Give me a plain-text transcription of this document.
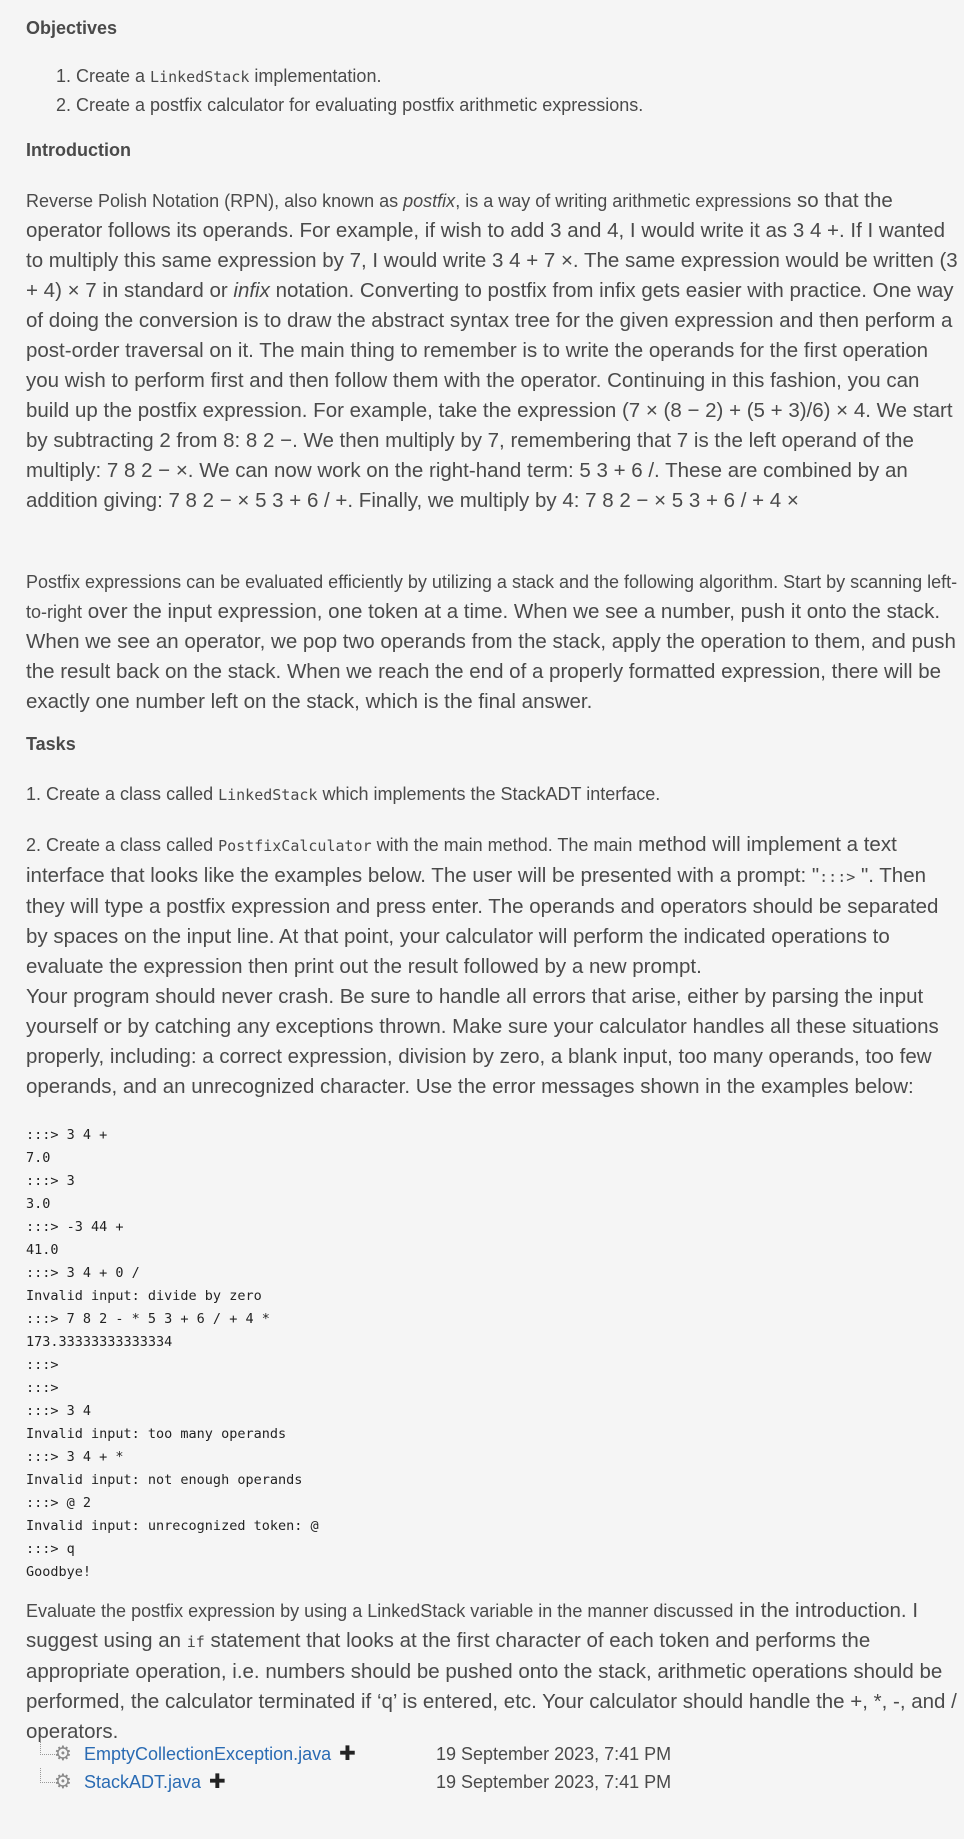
Objectives
1. Create a LinkedStack implementation.
2. Create a postfix calculator for evaluating postfix arithmetic expressions.
Introduction

Reverse Polish Notation (RPN), also known as postfix, is a way of writing arithmetic expressions so that the operator follows its operands. For example, if wish to add 3 and 4, I would write it as 3 4 +. If I wanted to multiply this same expression by 7, I would write 3 4 + 7 ×. The same expression would be written (3 + 4) × 7 in standard or infix notation. Converting to postfix from infix gets easier with practice. One way of doing the conversion is to draw the abstract syntax tree for the given expression and then perform a post-order traversal on it. The main thing to remember is to write the operands for the first operation you wish to perform first and then follow them with the operator. Continuing in this fashion, you can build up the postfix expression. For example, take the expression (7 × (8 − 2) + (5 + 3)/6) × 4. We start by subtracting 2 from 8: 8 2 −. We then multiply by 7, remembering that 7 is the left operand of the multiply: 7 8 2 − ×. We can now work on the right-hand term: 5 3 + 6 /. These are combined by an addition giving: 7 8 2 − × 5 3 + 6 / +. Finally, we multiply by 4: 7 8 2 − × 5 3 + 6 / + 4 ×

Postfix expressions can be evaluated efficiently by utilizing a stack and the following algorithm. Start by scanning left-to-right over the input expression, one token at a time. When we see a number, push it onto the stack. When we see an operator, we pop two operands from the stack, apply the operation to them, and push the result back on the stack. When we reach the end of a properly formatted expression, there will be exactly one number left on the stack, which is the final answer.

Tasks

1. Create a class called LinkedStack which implements the StackADT interface.

2. Create a class called PostfixCalculator with the main method. The main method will implement a text interface that looks like the examples below. The user will be presented with a prompt: ":::> ". Then they will type a postfix expression and press enter. The operands and operators should be separated by spaces on the input line. At that point, your calculator will perform the indicated operations to evaluate the expression then print out the result followed by a new prompt.
Your program should never crash. Be sure to handle all errors that arise, either by parsing the input yourself or by catching any exceptions thrown. Make sure your calculator handles all these situations properly, including: a correct expression, division by zero, a blank input, too many operands, too few operands, and an unrecognized character. Use the error messages shown in the examples below:

:::> 3 4 +
7.0
:::> 3
3.0
:::> -3 44 +
41.0
:::> 3 4 + 0 /
Invalid input: divide by zero
:::> 7 8 2 - * 5 3 + 6 / + 4 *
173.33333333333334
:::>
:::>
:::> 3 4
Invalid input: too many operands
:::> 3 4 + *
Invalid input: not enough operands
:::> @ 2
Invalid input: unrecognized token: @
:::> q
Goodbye!

Evaluate the postfix expression by using a LinkedStack variable in the manner discussed in the introduction. I suggest using an if statement that looks at the first character of each token and performs the appropriate operation, i.e. numbers should be pushed onto the stack, arithmetic operations should be performed, the calculator terminated if ‘q’ is entered, etc. Your calculator should handle the +, *, -, and / operators.

⚙ EmptyCollectionException.java ✚	19 September 2023, 7:41 PM
⚙ StackADT.java ✚	19 September 2023, 7:41 PM
